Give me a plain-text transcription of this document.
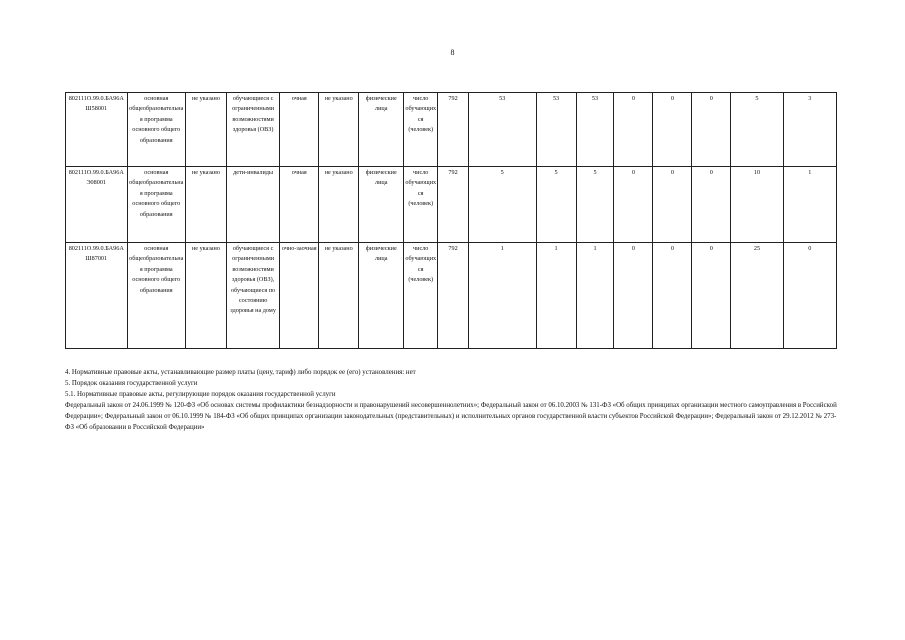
8
802111О.99.0.БА96АШ58001	основная общеобразовательная программа основного общего образования	не указано	обучающиеся с ограниченными возможностями здоровья (ОВЗ)	очная	не указано	физические лица	число обучающихся (человек)	792	53	53	53	0	0	0	5	3
802111О.99.0.БА96АЭ08001	основная общеобразовательная программа основного общего образования	не указано	дети-инвалиды	очная	не указано	физические лица	число обучающихся (человек)	792	5	5	5	0	0	0	10	1
802111О.99.0.БА96АШ87001	основная общеобразовательная программа основного общего образования	не указано	обучающиеся с ограниченными возможностями здоровья (ОВЗ), обучающиеся по состоянию здоровья на дому	очно-заочная	не указано	физические лица	число обучающихся (человек)	792	1	1	1	0	0	0	25	0

4. Нормативные правовые акты, устанавливающие размер платы (цену, тариф) либо порядок ее (его) установления: нет

5. Порядок оказания государственной услуги

5.1. Нормативные правовые акты, регулирующие порядок оказания государственной услуги

Федеральный закон от 24.06.1999 № 120-ФЗ «Об основах системы профилактики безнадзорности и правонарушений несовершеннолетних»; Федеральный закон от 06.10.2003 № 131-ФЗ «Об общих принципах организации местного самоуправления в Российской Федерации»; Федеральный закон от 06.10.1999 № 184-ФЗ «Об общих принципах организации законодательных (представительных) и исполнительных органов государственной власти субъектов Российской Федерации»; Федеральный закон от 29.12.2012 № 273-ФЗ «Об образовании в Российской Федерации»
